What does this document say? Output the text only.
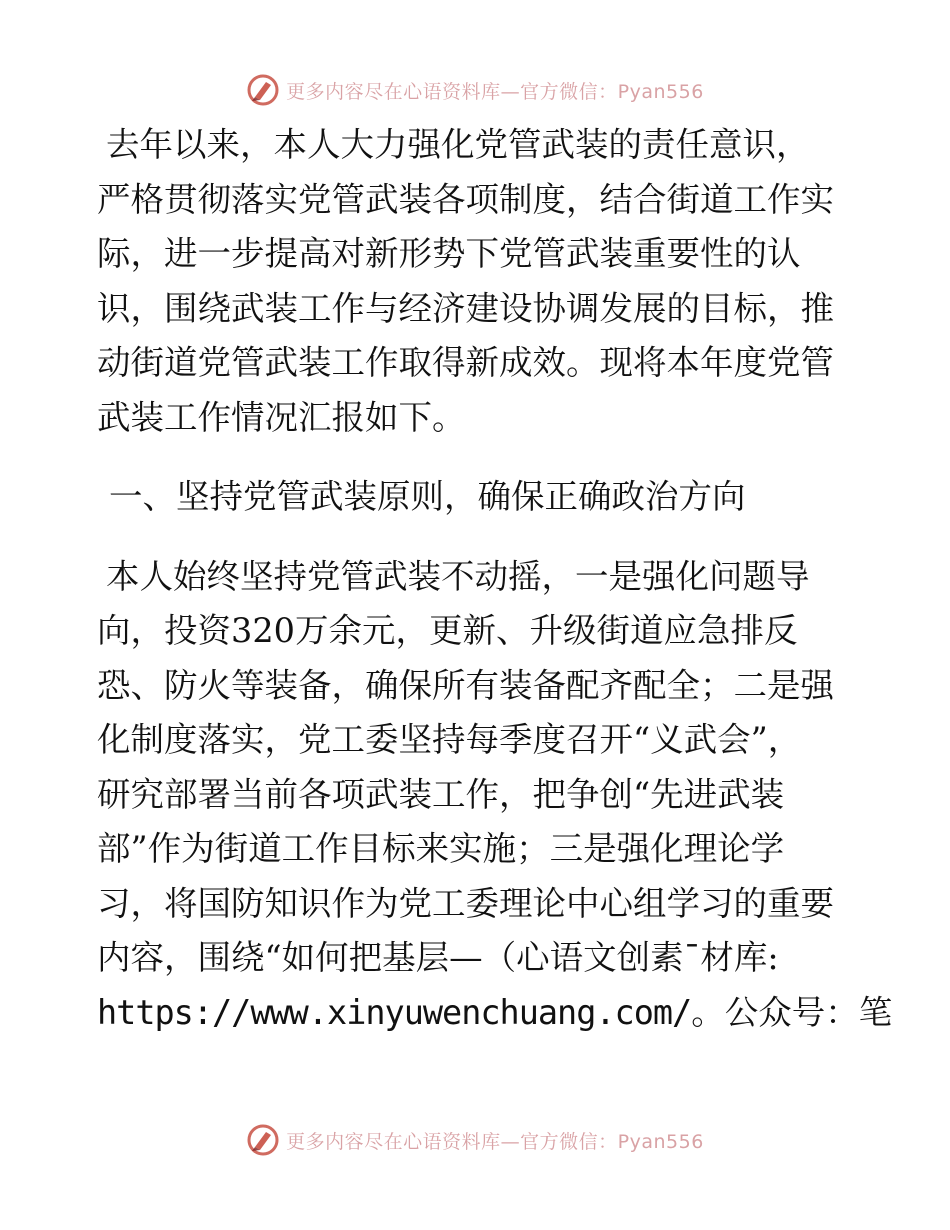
更多内容尽在心语资料库—官方微信：Pyan556

去年以来，本人大力强化党管武装的责任意识，

严格贯彻落实党管武装各项制度，结合街道工作实

际，进一步提高对新形势下党管武装重要性的认

识，围绕武装工作与经济建设协调发展的目标，推

动街道党管武装工作取得新成效。现将本年度党管

武装工作情况汇报如下。

一、坚持党管武装原则，确保正确政治方向

本人始终坚持党管武装不动摇，一是强化问题导

向，投资320万余元，更新、升级街道应急排反

恐、防火等装备，确保所有装备配齐配全；二是强

化制度落实，党工委坚持每季度召开“义武会”，

研究部署当前各项武装工作，把争创“先进武装

部”作为街道工作目标来实施；三是强化理论学

习，将国防知识作为党工委理论中心组学习的重要

内容，围绕“如何把基层—（心语文创素¯材库:

https://www.xinyuwenchuang.com/。公众号：笔

更多内容尽在心语资料库—官方微信：Pyan556
